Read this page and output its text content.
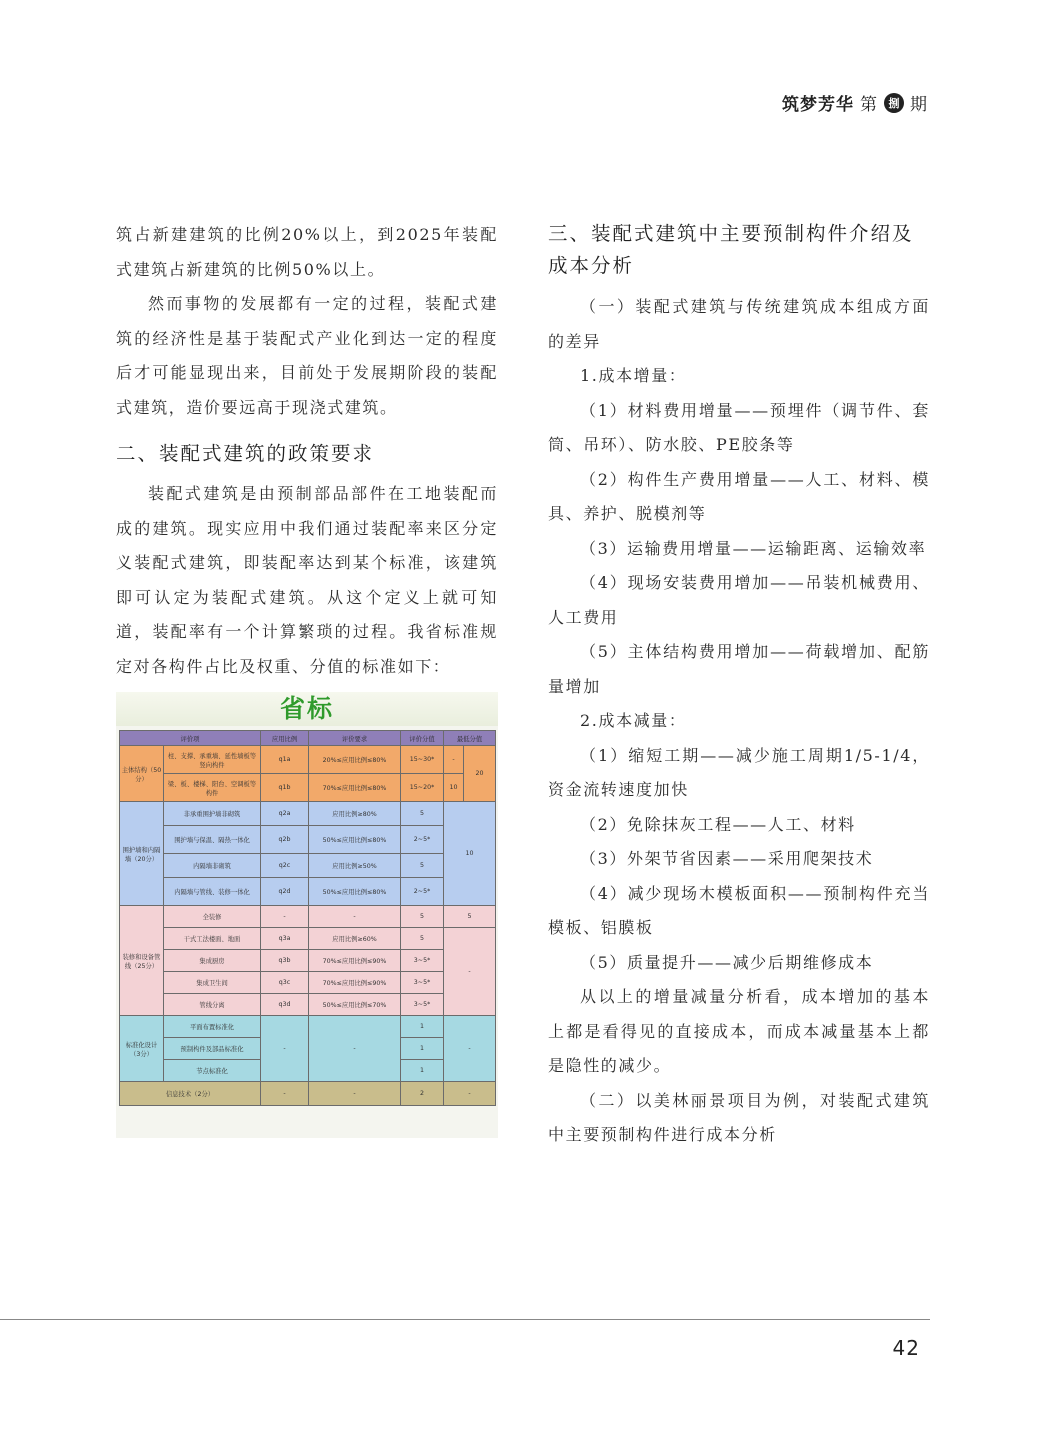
筑梦芳华 第 捌 期

筑占新建建筑的比例20%以上，到2025年装配式建筑占新建筑的比例50%以上。

然而事物的发展都有一定的过程，装配式建筑的经济性是基于装配式产业化到达一定的程度后才可能显现出来，目前处于发展期阶段的装配式建筑，造价要远高于现浇式建筑。

二、装配式建筑的政策要求

装配式建筑是由预制部品部件在工地装配而成的建筑。现实应用中我们通过装配率来区分定义装配式建筑，即装配率达到某个标准，该建筑即可认定为装配式建筑。从这个定义上就可知道，装配率有一个计算繁琐的过程。我省标准规定对各构件占比及权重、分值的标准如下：

省标
评价项		应用比例	评价要求	评价分值	最低分值	
主体结构（50分）	柱、支撑、承重墙、延性墙板等竖向构件	q1a	20%≤应用比例≤80%	15~30*	-	20
	梁、板、楼梯、阳台、空调板等构件	q1b	70%≤应用比例≤80%	15~20*	10	
围护墙和内隔墙（20分）	非承重围护墙非砌筑	q2a	应用比例≥80%	5	10	
	围护墙与保温、隔热一体化	q2b	50%≤应用比例≤80%	2~5*		
	内隔墙非砌筑	q2c	应用比例≥50%	5		
	内隔墙与管线、装修一体化	q2d	50%≤应用比例≤80%	2~5*		
装修和设备管线（25分）	全装修	-	-	5	5	
	干式工法楼面、地面	q3a	应用比例≥60%	5	-	
	集成厨房	q3b	70%≤应用比例≤90%	3~5*		
	集成卫生间	q3c	70%≤应用比例≤90%	3~5*		
	管线分离	q3d	50%≤应用比例≤70%	3~5*		
标准化设计（3分）	平面布置标准化	-	-	1	-	
	预制构件及部品标准化			1		
	节点标准化			1		
信息技术（2分）		-	-	2	-	
三、装配式建筑中主要预制构件介绍及成本分析

（一）装配式建筑与传统建筑成本组成方面的差异

1.成本增量：

（1）材料费用增量——预埋件（调节件、套筒、吊环）、防水胶、PE胶条等

（2）构件生产费用增量——人工、材料、模具、养护、脱模剂等

（3）运输费用增量——运输距离、运输效率

（4）现场安装费用增加——吊装机械费用、人工费用

（5）主体结构费用增加——荷载增加、配筋量增加

2.成本减量：

（1）缩短工期——减少施工周期1/5-1/4，资金流转速度加快

（2）免除抹灰工程——人工、材料

（3）外架节省因素——采用爬架技术

（4）减少现场木模板面积——预制构件充当模板、铝膜板

（5）质量提升——减少后期维修成本

从以上的增量减量分析看，成本增加的基本上都是看得见的直接成本，而成本减量基本上都是隐性的减少。

（二）以美林丽景项目为例，对装配式建筑中主要预制构件进行成本分析

42
